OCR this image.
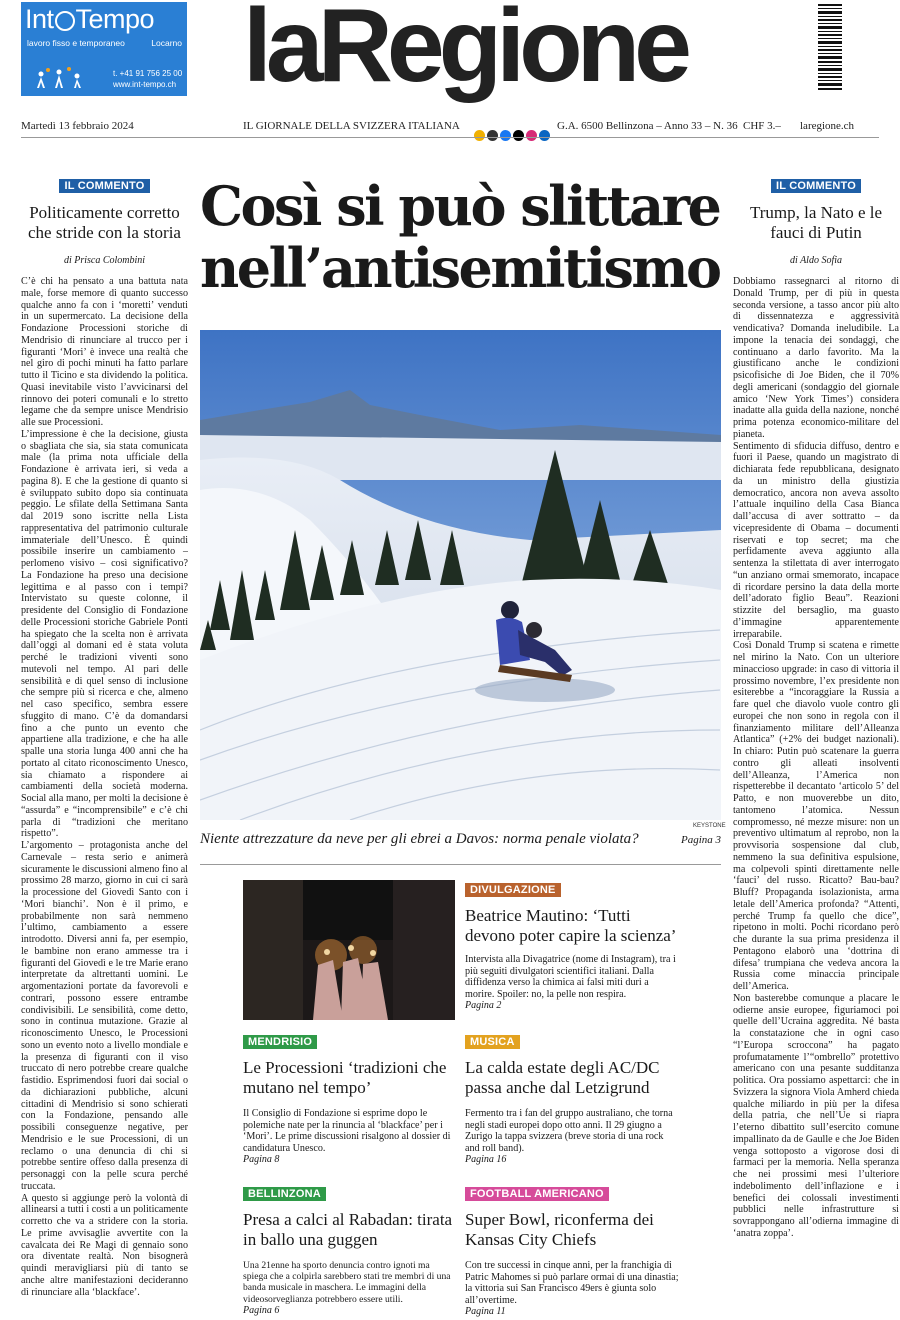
Int Tempo
lavoro fisso e temporaneo	Locarno
t. +41 91 756 25 00
www.int-tempo.ch laRegione
Martedì 13 febbraio 2024	IL GIORNALE DELLA SVIZZERA ITALIANA	G.A. 6500 Bellinzona – Anno 33 – N. 36 CHF 3.– laregione.ch
IL COMMENTO
Politicamente corretto che stride con la storia
di Prisca Colombini
C’è chi ha pensato a una battuta nata male, forse memore di quanto successo qualche anno fa con i ‘moretti’ venduti in un supermercato. La decisione della Fondazione Processioni storiche di Mendrisio di rinunciare al trucco per i figuranti ‘Mori’ è invece una realtà che nel giro di pochi minuti ha fatto parlare tutto il Ticino e sta dividendo la politica. Quasi inevitabile visto l’avvicinarsi del rinnovo dei poteri comunali e lo stretto legame che da sempre unisce Mendrisio alle sue Processioni.
L’impressione è che la decisione, giusta o sbagliata che sia, sia stata comunicata male (la prima nota ufficiale della Fondazione è arrivata ieri, si veda a pagina 8). E che la gestione di quanto si è sviluppato subito dopo sia continuata peggio. Le sfilate della Settimana Santa dal 2019 sono iscritte nella Lista rappresentativa del patrimonio culturale immateriale dell’Unesco. È quindi possibile inserire un cambiamento – perlomeno visivo – così significativo? La Fondazione ha preso una decisione legittima e al passo con i tempi? Intervistato su queste colonne, il presidente del Consiglio di Fondazione delle Processioni storiche Gabriele Ponti ha spiegato che la scelta non è arrivata dall’oggi al domani ed è stata voluta perché le tradizioni viventi sono mutevoli nel tempo. Al pari delle sensibilità e di quel senso di inclusione che sempre più si ricerca e che, almeno nel caso specifico, sembra essere sfuggito di mano. C’è da domandarsi fino a che punto un evento che appartiene alla tradizione, e che ha alle spalle una storia lunga 400 anni che ha portato al citato riconoscimento Unesco, sia chiamato a rispondere ai cambiamenti della società moderna. Social alla mano, per molti la decisione è “assurda” e “incomprensibile” e c’è chi parla di “tradizioni che meritano rispetto”.
L’argomento – protagonista anche del Carnevale – resta serio e animerà sicuramente le discussioni almeno fino al prossimo 28 marzo, giorno in cui ci sarà la processione del Giovedì Santo con i ‘Mori bianchi’. Non è il primo, e probabilmente non sarà nemmeno l’ultimo, cambiamento a essere introdotto. Diversi anni fa, per esempio, le bambine non erano ammesse tra i figuranti del Giovedì e le tre Marie erano interpretate da altrettanti uomini. Le argomentazioni portate da favorevoli e contrari, possono essere entrambe condivisibili. Le sensibilità, come detto, sono in continua mutazione. Grazie al riconoscimento Unesco, le Processioni sono un evento noto a livello mondiale e la presenza di figuranti con il viso truccato di nero potrebbe creare qualche fastidio. Esprimendosi fuori dai social o da dichiarazioni pubbliche, alcuni cittadini di Mendrisio si sono schierati con la Fondazione, pensando alle possibili conseguenze negative, per Mendrisio e le sue Processioni, di un reclamo o una denuncia di chi si potrebbe sentire offeso dalla presenza di personaggi con la pelle scura perché truccata.
A questo si aggiunge però la volontà di allinearsi a tutti i costi a un politicamente corretto che va a stridere con la storia. Le prime avvisaglie avvertite con la cavalcata dei Re Magi di gennaio sono ora diventate realtà. Non bisognerà quindi meravigliarsi più di tanto se anche altre manifestazioni decideranno di rinunciare alla ‘blackface’.
IL COMMENTO
Trump, la Nato e le fauci di Putin
di Aldo Sofia
Dobbiamo rassegnarci al ritorno di Donald Trump, per di più in questa seconda versione, a tasso ancor più alto di dissennatezza e aggressività vendicativa? Domanda ineludibile. La impone la tenacia dei sondaggi, che continuano a darlo favorito. Ma la giustificano anche le condizioni psicofisiche di Joe Biden, che il 70% degli americani (sondaggio del giornale amico ‘New York Times’) considera inadatte alla guida della nazione, nonché prima potenza economico-militare del pianeta.
Sentimento di sfiducia diffuso, dentro e fuori il Paese, quando un magistrato di dichiarata fede repubblicana, designato da un ministro della giustizia democratico, ancora non aveva assolto l’attuale inquilino della Casa Bianca dall’accusa di aver sottratto – da vicepresidente di Obama – documenti riservati e top secret; ma che perfidamente aveva aggiunto alla sentenza la stilettata di aver interrogato “un anziano ormai smemorato, incapace di ricordare persino la data della morte dell’adorato figlio Beau”. Reazioni stizzite del bersaglio, ma guasto d’immagine apparentemente irreparabile.
Così Donald Trump si scatena e rimette nel mirino la Nato. Con un ulteriore minaccioso upgrade: in caso di vittoria il prossimo novembre, l’ex presidente non esiterebbe a “incoraggiare la Russia a fare quel che diavolo vuole contro gli europei che non sono in regola con il finanziamento militare dell’Alleanza Atlantica” (+2% dei budget nazionali). In chiaro: Putin può scatenare la guerra contro gli alleati insolventi dell’Alleanza, l’America non rispetterebbe il decantato ‘articolo 5’ del Patto, e non muoverebbe un dito, tantomeno l’atomica. Nessun compromesso, né mezze misure: non un preventivo ultimatum al reprobo, non la provvisoria sospensione dal club, nemmeno la sua definitiva espulsione, ma colpevoli spinti direttamente nelle ‘fauci’ del russo. Ricatto? Bau-bau? Bluff? Propaganda isolazionista, arma letale dell’America profonda? “Attenti, perché Trump fa quello che dice”, ripetono in molti. Pochi ricordano però che durante la sua prima presidenza il Pentagono elaborò una ‘dottrina di difesa’ trumpiana che vedeva ancora la Russia come minaccia principale dell’America.
Non basterebbe comunque a placare le odierne ansie europee, figuriamoci poi quelle dell’Ucraina aggredita. Né basta la constatazione che in ogni caso “l’Europa scroccona” ha pagato profumatamente l’“ombrello” protettivo americano con una pesante sudditanza politica. Ora possiamo aspettarci: che in Svizzera la signora Viola Amherd chieda qualche miliardo in più per la difesa della patria, che nell’Ue si riapra l’eterno dibattito sull’esercito comune impallinato da de Gaulle e che Joe Biden venga sottoposto a vigorose dosi di farmaci per la memoria. Nella speranza che nei prossimi mesi l’ulteriore indebolimento dell’inflazione e i benefici dei colossali investimenti pubblici nelle infrastrutture si sovrappongano all’odierna immagine di ‘anatra zoppa’.
Così si può slittare nell’antisemitismo
KEYSTONE
Niente attrezzature da neve per gli ebrei a Davos: norma penale violata?	Pagina 3
DIVULGAZIONE
Beatrice Mautino: ‘Tutti devono poter capire la scienza’
Intervista alla Divagatrice (nome di Instagram), tra i più seguiti divulgatori scientifici italiani. Dalla diffidenza verso la chimica ai falsi miti duri a morire. Spoiler: no, la pelle non respira.
Pagina 2
MENDRISIO
Le Processioni ‘tradizioni che mutano nel tempo’
Il Consiglio di Fondazione si esprime dopo le polemiche nate per la rinuncia al ‘blackface’ per i ‘Mori’. Le prime discussioni risalgono al dossier di candidatura Unesco.
Pagina 8
MUSICA
La calda estate degli AC/DC passa anche dal Letzigrund
Fermento tra i fan del gruppo australiano, che torna negli stadi europei dopo otto anni. Il 29 giugno a Zurigo la tappa svizzera (breve storia di una rock and roll band).
Pagina 16
BELLINZONA
Presa a calci al Rabadan: tirata in ballo una guggen
Una 21enne ha sporto denuncia contro ignoti ma spiega che a colpirla sarebbero stati tre membri di una banda musicale in maschera. Le immagini della videosorveglianza potrebbero essere utili.
Pagina 6
FOOTBALL AMERICANO
Super Bowl, riconferma dei Kansas City Chiefs
Con tre successi in cinque anni, per la franchigia di Patric Mahomes si può parlare ormai di una dinastia; la vittoria sui San Francisco 49ers è giunta solo all’overtime.
Pagina 11
